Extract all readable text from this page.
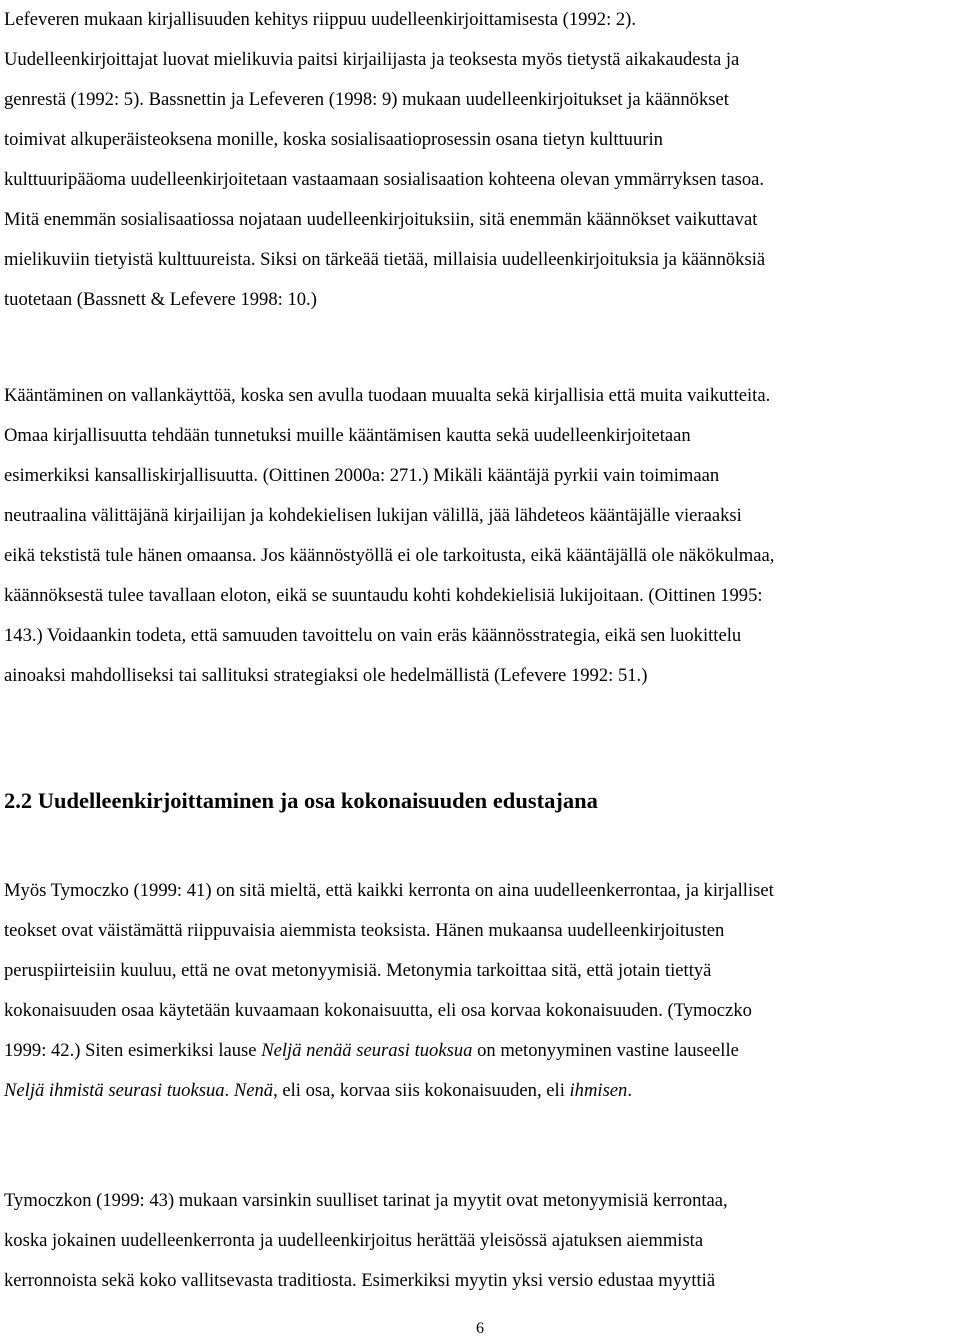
Lefeveren mukaan kirjallisuuden kehitys riippuu uudelleenkirjoittamisesta (1992: 2).
Uudelleenkirjoittajat luovat mielikuvia paitsi kirjailijasta ja teoksesta myös tietystä aikakaudesta ja
genrestä (1992: 5). Bassnettin ja Lefeveren (1998: 9) mukaan uudelleenkirjoitukset ja käännökset
toimivat alkuperäisteoksena monille, koska sosialisaatioprosessin osana tietyn kulttuurin
kulttuuripääoma uudelleenkirjoitetaan vastaamaan sosialisaation kohteena olevan ymmärryksen tasoa.
Mitä enemmän sosialisaatiossa nojataan uudelleenkirjoituksiin, sitä enemmän käännökset vaikuttavat
mielikuviin tietyistä kulttuureista. Siksi on tärkeää tietää, millaisia uudelleenkirjoituksia ja käännöksiä
tuotetaan (Bassnett & Lefevere 1998: 10.)

Kääntäminen on vallankäyttöä, koska sen avulla tuodaan muualta sekä kirjallisia että muita vaikutteita.
Omaa kirjallisuutta tehdään tunnetuksi muille kääntämisen kautta sekä uudelleenkirjoitetaan
esimerkiksi kansalliskirjallisuutta. (Oittinen 2000a: 271.) Mikäli kääntäjä pyrkii vain toimimaan
neutraalina välittäjänä kirjailijan ja kohdekielisen lukijan välillä, jää lähdeteos kääntäjälle vieraaksi
eikä tekstistä tule hänen omaansa. Jos käännöstyöllä ei ole tarkoitusta, eikä kääntäjällä ole näkökulmaa,
käännöksestä tulee tavallaan eloton, eikä se suuntaudu kohti kohdekielisiä lukijoitaan. (Oittinen 1995:
143.) Voidaankin todeta, että samuuden tavoittelu on vain eräs käännösstrategia, eikä sen luokittelu
ainoaksi mahdolliseksi tai sallituksi strategiaksi ole hedelmällistä (Lefevere 1992: 51.)

2.2 Uudelleenkirjoittaminen ja osa kokonaisuuden edustajana

Myös Tymoczko (1999: 41) on sitä mieltä, että kaikki kerronta on aina uudelleenkerrontaa, ja kirjalliset
teokset ovat väistämättä riippuvaisia aiemmista teoksista. Hänen mukaansa uudelleenkirjoitusten
peruspiirteisiin kuuluu, että ne ovat metonyymisiä. Metonymia tarkoittaa sitä, että jotain tiettyä
kokonaisuuden osaa käytetään kuvaamaan kokonaisuutta, eli osa korvaa kokonaisuuden. (Tymoczko
1999: 42.) Siten esimerkiksi lause Neljä nenää seurasi tuoksua on metonyyminen vastine lauseelle
Neljä ihmistä seurasi tuoksua. Nenä, eli osa, korvaa siis kokonaisuuden, eli ihmisen.

Tymoczkon (1999: 43) mukaan varsinkin suulliset tarinat ja myytit ovat metonyymisiä kerrontaa,
koska jokainen uudelleenkerronta ja uudelleenkirjoitus herättää yleisössä ajatuksen aiemmista
kerronnoista sekä koko vallitsevasta traditiosta. Esimerkiksi myytin yksi versio edustaa myyttiä

6
